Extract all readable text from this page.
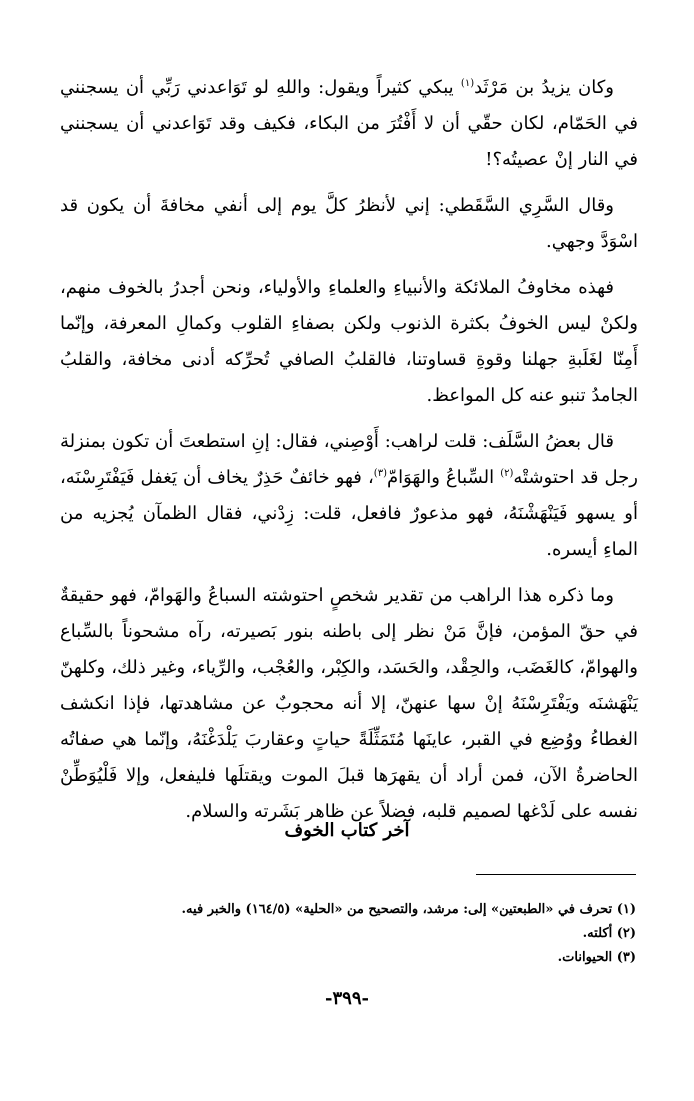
وكان يزيدُ بن مَرْثَد$^{(١)}$ يبكي كثيراً ويقول: واللهِ لو تَوَاعدني رَبِّي أن يسجنني في الحَمّام، لكان حقّي أن لا أَفْتُرَ من البكاء، فكيف وقد تَوَاعدني أن يسجنني في النار إنْ عصيتُه؟!

وقال السَّرِي السَّقَطي: إني لأنظرُ كلَّ يوم إلى أنفي مخافةَ أن يكون قد اسْوَدَّ وجهي.

فهذه مخاوفُ الملائكة والأنبياءِ والعلماءِ والأولياء، ونحن أجدرُ بالخوف منهم، ولكنْ ليس الخوفُ بكثرة الذنوب ولكن بصفاءِ القلوب وكمالِ المعرفة، وإنّما أَمِنّا لغَلَبةِ جهلنا وقوةِ قساوتنا، فالقلبُ الصافي تُحرِّكه أدنى مخافة، والقلبُ الجامدُ تنبو عنه كل المواعظ.

قال بعضُ السَّلَف: قلت لراهب: أَوْصِني، فقال: إنِ استطعتَ أن تكون بمنزلة رجل قد احتوشتْه$^{(٢)}$ السِّباعُ والهَوَامّ$^{(٣)}$، فهو خائفٌ حَذِرٌ يخاف أن يَغفل فَيَفْتَرِسْنَه، أو يسهو فَيَنْهَشْنَهُ، فهو مذعورٌ فافعل، قلت: زِدْني، فقال الظمآن يُجزيه من الماءِ أيسره.

وما ذكره هذا الراهب من تقدير شخصٍ احتوشته السباعُ والهَوامّ، فهو حقيقةٌ في حقّ المؤمن، فإنَّ مَنْ نظر إلى باطنه بنور بَصيرته، رآه مشحوناً بالسِّباع والهوامّ، كالغَضَب، والحِقْد، والحَسَد، والكِبْر، والعُجْب، والرِّياء، وغير ذلك، وكلهنّ يَنْهَشنَه ويَفْتَرِسْنَهُ إنْ سها عنهنّ، إلا أنه محجوبٌ عن مشاهدتها، فإذا انكشف الغطاءُ ووُضِع في القبر، عاينَها مُتَمَثِّلَةً حياتٍ وعقاربَ يَلْدَغْنَهُ، وإنّما هي صفاتُه الحاضرةُ الآن، فمن أراد أن يقهرَها قبلَ الموت ويقتلَها فليفعل، وإلا فَلْيُوَطِّنْ نفسه على لَدْغها لصميم قلبه، فضلاً عن ظاهر بَشَرته والسلام.

آخر كتاب الخوف
(١) تحرف في «الطبعتين» إلى: مرشد، والتصحيح من «الحلية» (١٦٤/٥) والخبر فيه.
(٢) أكلته.
(٣) الحيوانات.
-٣٩٩-
